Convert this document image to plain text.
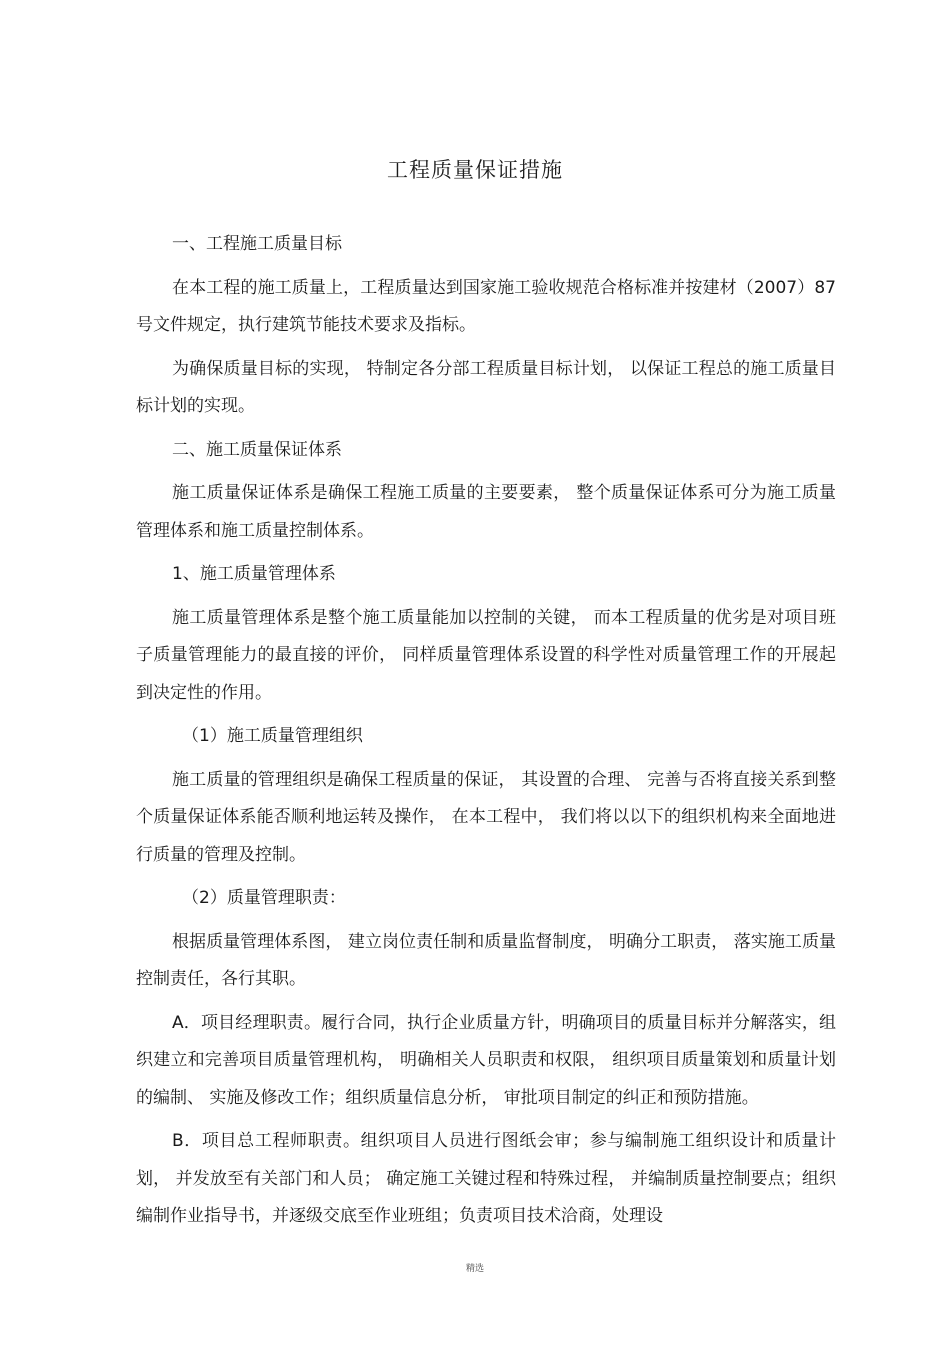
工程质量保证措施

一、工程施工质量目标

在本工程的施工质量上，工程质量达到国家施工验收规范合格标准并按建材（2007）87号文件规定，执行建筑节能技术要求及指标。

为确保质量目标的实现， 特制定各分部工程质量目标计划， 以保证工程总的施工质量目标计划的实现。

二、施工质量保证体系

施工质量保证体系是确保工程施工质量的主要要素， 整个质量保证体系可分为施工质量管理体系和施工质量控制体系。

1、施工质量管理体系

施工质量管理体系是整个施工质量能加以控制的关键， 而本工程质量的优劣是对项目班子质量管理能力的最直接的评价， 同样质量管理体系设置的科学性对质量管理工作的开展起到决定性的作用。

（1）施工质量管理组织

施工质量的管理组织是确保工程质量的保证， 其设置的合理、 完善与否将直接关系到整个质量保证体系能否顺利地运转及操作， 在本工程中， 我们将以以下的组织机构来全面地进行质量的管理及控制。

（2）质量管理职责：

根据质量管理体系图， 建立岗位责任制和质量监督制度， 明确分工职责， 落实施工质量控制责任，各行其职。

A．项目经理职责。履行合同，执行企业质量方针，明确项目的质量目标并分解落实，组织建立和完善项目质量管理机构， 明确相关人员职责和权限， 组织项目质量策划和质量计划的编制、 实施及修改工作；组织质量信息分析， 审批项目制定的纠正和预防措施。

B．项目总工程师职责。组织项目人员进行图纸会审；参与编制施工组织设计和质量计划， 并发放至有关部门和人员； 确定施工关键过程和特殊过程， 并编制质量控制要点；组织编制作业指导书，并逐级交底至作业班组；负责项目技术洽商，处理设

精选
